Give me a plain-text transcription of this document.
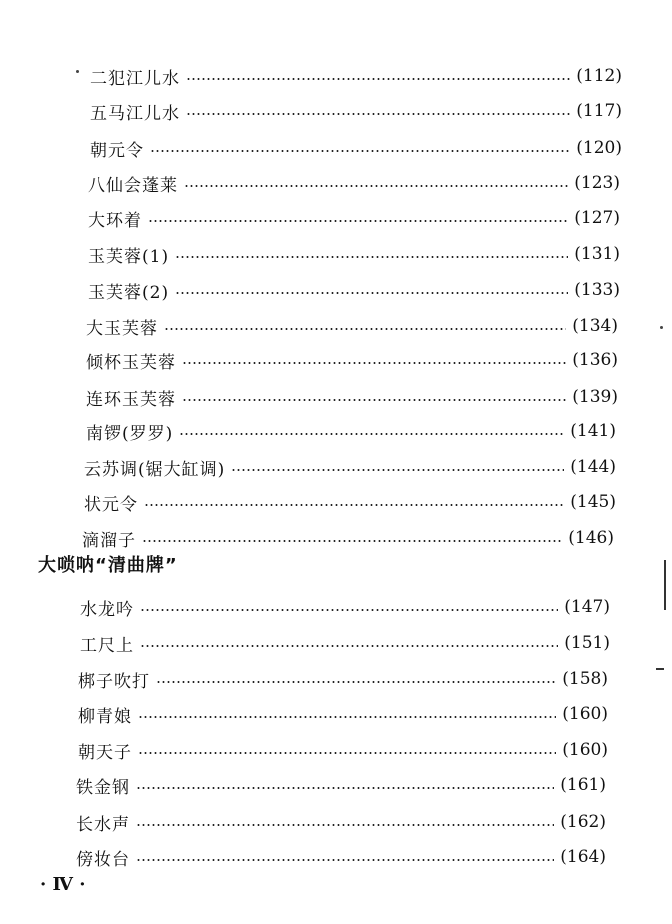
二犯江儿水	(112)
五马江儿水	(117)
朝元令	(120)
八仙会蓬莱	(123)
大环着	(127)
玉芙蓉(1)	(131)
玉芙蓉(2)	(133)
大玉芙蓉	(134)
倾杯玉芙蓉	(136)
连环玉芙蓉	(139)
南锣(罗罗)	(141)
云苏调(锯大缸调)	(144)
状元令	(145)
滴溜子	(146)
大唢呐“清曲牌”
水龙吟	(147)
工尺上	(151)
梆子吹打	(158)
柳青娘	(160)
朝天子	(160)
铁金钢	(161)
长水声	(162)
傍妆台	(164)
· Ⅳ ·
